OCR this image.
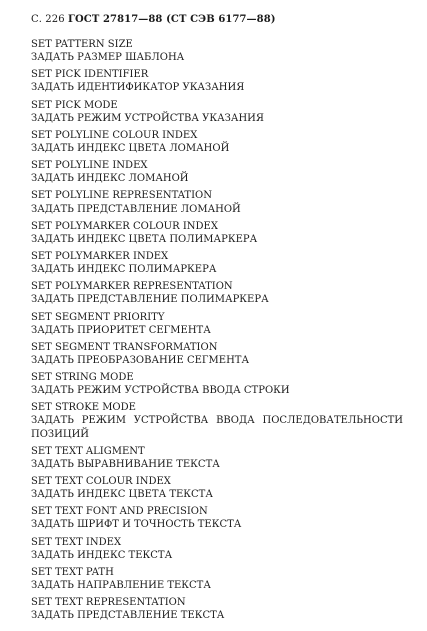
С. 226 ГОСТ 27817—88 (СТ СЭВ 6177—88)
SET PATTERN SIZE
ЗАДАТЬ РАЗМЕР ШАБЛОНА
SET PICK IDENTIFIER
ЗАДАТЬ ИДЕНТИФИКАТОР УКАЗАНИЯ
SET PICK MODE
ЗАДАТЬ РЕЖИМ УСТРОЙСТВА УКАЗАНИЯ
SET POLYLINE COLOUR INDEX
ЗАДАТЬ ИНДЕКС ЦВЕТА ЛОМАНОЙ
SET POLYLINE INDEX
ЗАДАТЬ ИНДЕКС ЛОМАНОЙ
SET POLYLINE REPRESENTATION
ЗАДАТЬ ПРЕДСТАВЛЕНИЕ ЛОМАНОЙ
SET POLYMARKER COLOUR INDEX
ЗАДАТЬ ИНДЕКС ЦВЕТА ПОЛИМАРКЕРА
SET POLYMARKER INDEX
ЗАДАТЬ ИНДЕКС ПОЛИМАРКЕРА
SET POLYMARKER REPRESENTATION
ЗАДАТЬ ПРЕДСТАВЛЕНИЕ ПОЛИМАРКЕРА
SET SEGMENT PRIORITY
ЗАДАТЬ ПРИОРИТЕТ СЕГМЕНТА
SET SEGMENT TRANSFORMATION
ЗАДАТЬ ПРЕОБРАЗОВАНИЕ СЕГМЕНТА
SET STRING MODE
ЗАДАТЬ РЕЖИМ УСТРОЙСТВА ВВОДА СТРОКИ
SET STROKE MODE
ЗАДАТЬ РЕЖИМ УСТРОЙСТВА ВВОДА ПОСЛЕДОВАТЕЛЬНОСТИ ПОЗИЦИЙ
SET TEXT ALIGMENT
ЗАДАТЬ ВЫРАВНИВАНИЕ ТЕКСТА
SET TEXT COLOUR INDEX
ЗАДАТЬ ИНДЕКС ЦВЕТА ТЕКСТА
SET TEXT FONT AND PRECISION
ЗАДАТЬ ШРИФТ И ТОЧНОСТЬ ТЕКСТА
SET TEXT INDEX
ЗАДАТЬ ИНДЕКС ТЕКСТА
SET TEXT PATH
ЗАДАТЬ НАПРАВЛЕНИЕ ТЕКСТА
SET TEXT REPRESENTATION
ЗАДАТЬ ПРЕДСТАВЛЕНИЕ ТЕКСТА
